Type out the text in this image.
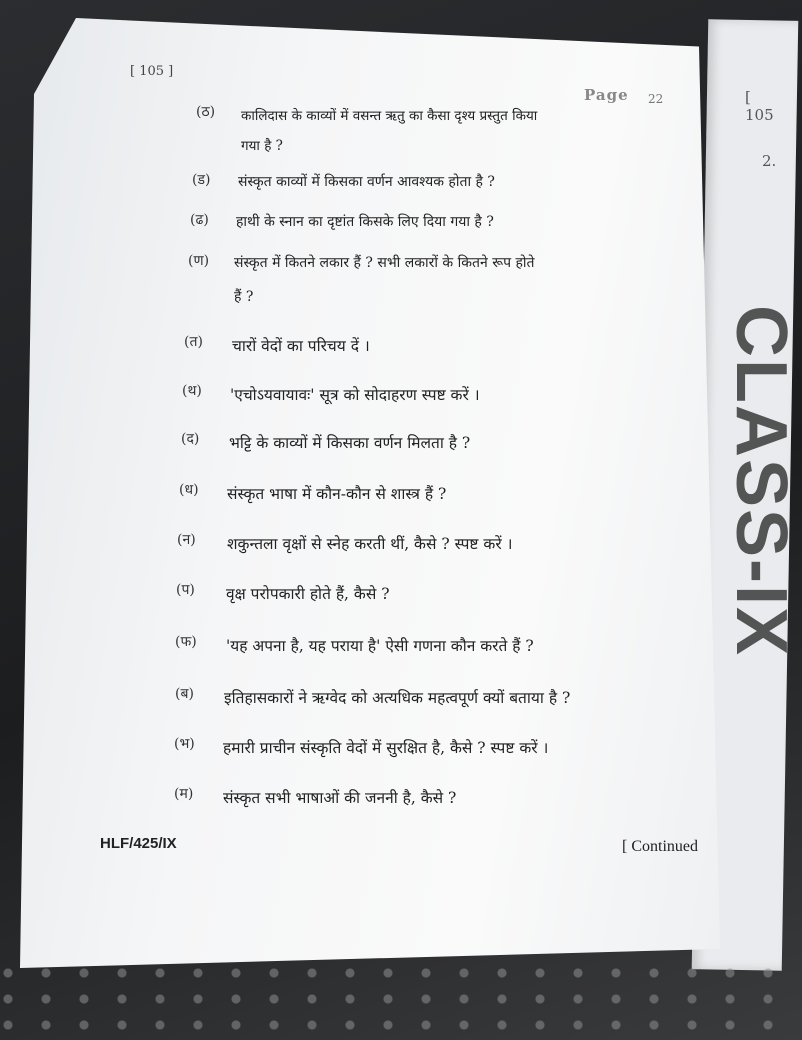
[ 105
2.
[ 105 ]
Page 22
CLASS-IX
(ठ) कालिदास के काव्यों में वसन्त ऋतु का कैसा दृश्य प्रस्तुत किया
गया है ?
(ड) संस्कृत काव्यों में किसका वर्णन आवश्यक होता है ?
(ढ) हाथी के स्नान का दृष्टांत किसके लिए दिया गया है ?
(ण) संस्कृत में कितने लकार हैं ? सभी लकारों के कितने रूप होते
हैं ?
(त) चारों वेदों का परिचय दें ।
(थ) 'एचोऽयवायावः' सूत्र को सोदाहरण स्पष्ट करें ।
(द) भट्टि के काव्यों में किसका वर्णन मिलता है ?
(ध) संस्कृत भाषा में कौन-कौन से शास्त्र हैं ?
(न) शकुन्तला वृक्षों से स्नेह करती थीं, कैसे ? स्पष्ट करें ।
(प) वृक्ष परोपकारी होते हैं, कैसे ?
(फ) 'यह अपना है, यह पराया है' ऐसी गणना कौन करते हैं ?
(ब) इतिहासकारों ने ऋग्वेद को अत्यधिक महत्वपूर्ण क्यों बताया है ?
(भ) हमारी प्राचीन संस्कृति वेदों में सुरक्षित है, कैसे ? स्पष्ट करें ।
(म) संस्कृत सभी भाषाओं की जननी है, कैसे ?
HLF/425/IX	[ Continued
